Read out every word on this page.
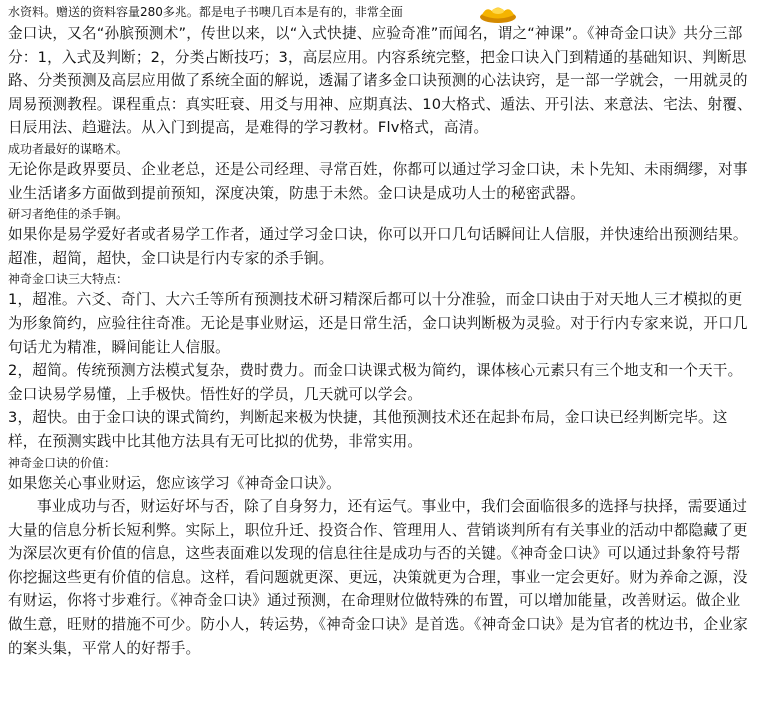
水资料。赠送的资料容量280多兆。都是电子书噢几百本是有的，非常全面

金口诀，又名“孙膑预测术”，传世以来，以“入式快捷、应验奇准”而闻名，谓之“神课”。《神奇金口诀》共分三部分：1，入式及判断；2，分类占断技巧；3，高层应用。内容系统完整，把金口诀入门到精通的基础知识、判断思路、分类预测及高层应用做了系统全面的解说，透漏了诸多金口诀预测的心法诀窍，是一部一学就会，一用就灵的周易预测教程。课程重点：真实旺衰、用爻与用神、应期真法、10大格式、遁法、开引法、来意法、宅法、射覆、日辰用法、趋避法。从入门到提高，是难得的学习教材。Flv格式，高清。

成功者最好的谋略术。

无论你是政界要员、企业老总，还是公司经理、寻常百姓，你都可以通过学习金口诀，未卜先知、未雨绸缪，对事业生活诸多方面做到提前预知，深度决策，防患于未然。金口诀是成功人士的秘密武器。

研习者绝佳的杀手锏。

如果你是易学爱好者或者易学工作者，通过学习金口诀，你可以开口几句话瞬间让人信服，并快速给出预测结果。超准，超简，超快，金口诀是行内专家的杀手锏。

神奇金口诀三大特点：

1，超准。六爻、奇门、大六壬等所有预测技术研习精深后都可以十分准验，而金口诀由于对天地人三才模拟的更为形象简约，应验往往奇准。无论是事业财运，还是日常生活，金口诀判断极为灵验。对于行内专家来说，开口几句话尤为精准，瞬间能让人信服。

2，超简。传统预测方法模式复杂，费时费力。而金口诀课式极为简约，课体核心元素只有三个地支和一个天干。金口诀易学易懂，上手极快。悟性好的学员，几天就可以学会。

3，超快。由于金口诀的课式简约，判断起来极为快捷，其他预测技术还在起卦布局，金口诀已经判断完毕。这样，在预测实践中比其他方法具有无可比拟的优势，非常实用。

神奇金口诀的价值：

如果您关心事业财运，您应该学习《神奇金口诀》。

事业成功与否，财运好坏与否，除了自身努力，还有运气。事业中，我们会面临很多的选择与抉择，需要通过大量的信息分析长短利弊。实际上，职位升迁、投资合作、管理用人、营销谈判所有有关事业的活动中都隐藏了更为深层次更有价值的信息，这些表面难以发现的信息往往是成功与否的关键。《神奇金口诀》可以通过卦象符号帮你挖掘这些更有价值的信息。这样，看问题就更深、更远，决策就更为合理，事业一定会更好。财为养命之源，没有财运，你将寸步难行。《神奇金口诀》通过预测，在命理财位做特殊的布置，可以增加能量，改善财运。做企业做生意，旺财的措施不可少。防小人，转运势，《神奇金口诀》是首选。《神奇金口诀》是为官者的枕边书，企业家的案头集，平常人的好帮手。
